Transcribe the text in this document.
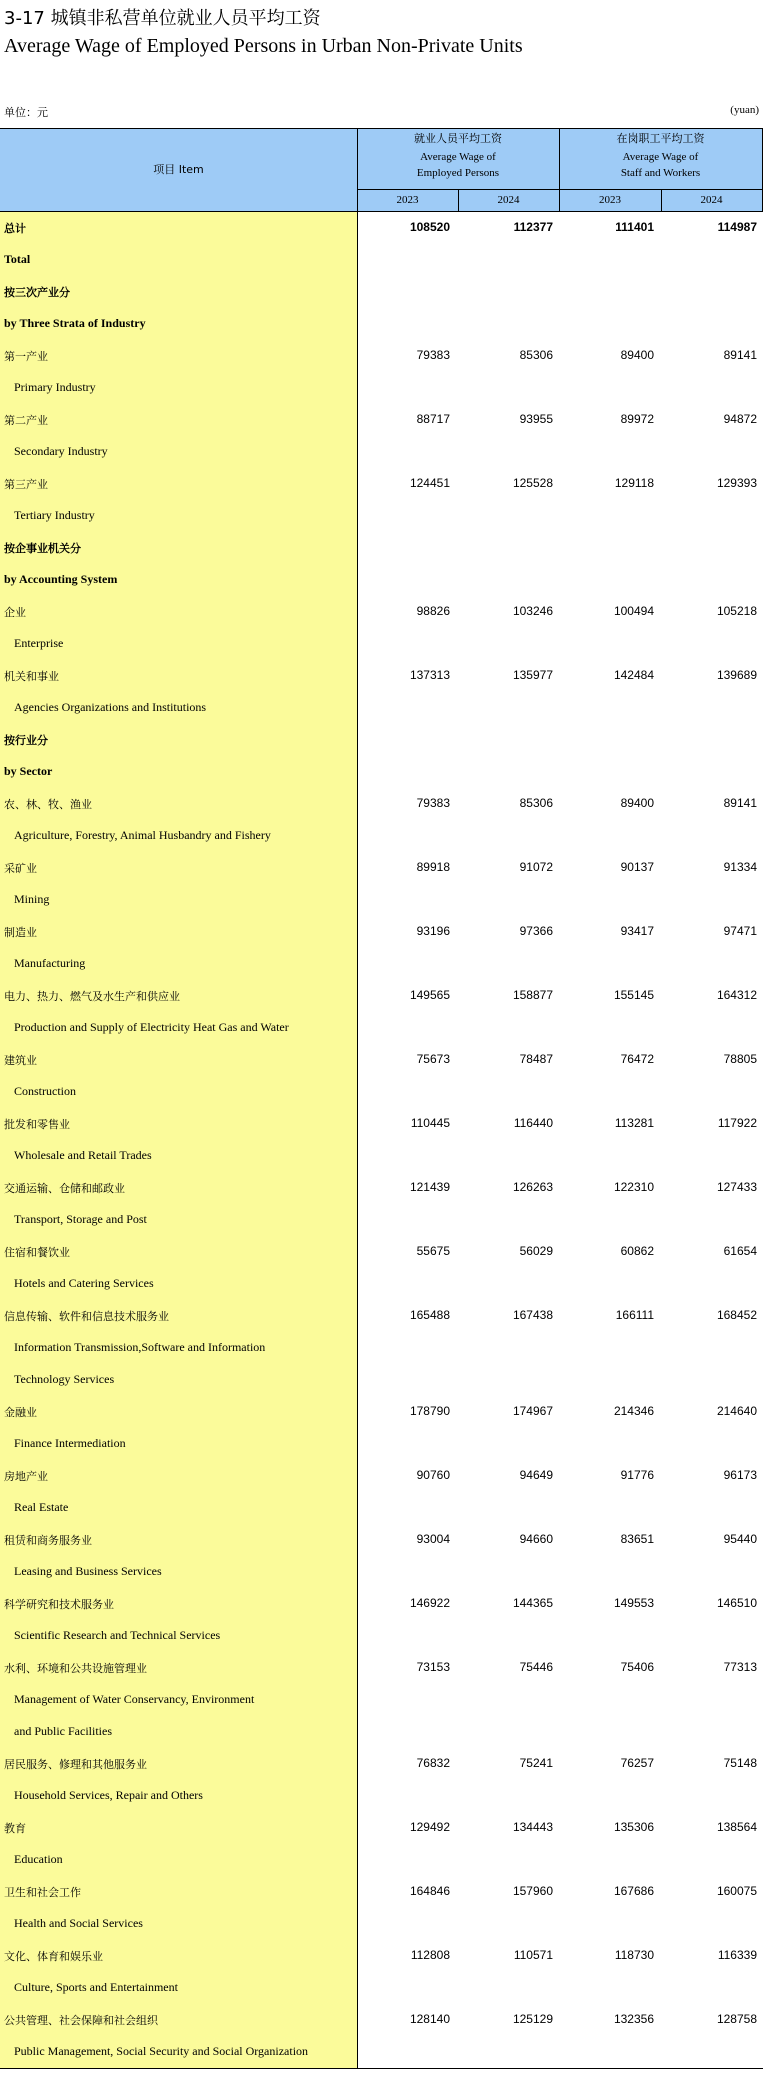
3-17 城镇非私营单位就业人员平均工资
Average Wage of Employed Persons in Urban Non-Private Units
单位：元	(yuan)
项目 Item
就业人员平均工资
Average Wage of
Employed Persons
在岗职工平均工资
Average Wage of
Staff and Workers
2023	2024	2023	2024
总计	108520	112377	111401	114987
Total
按三次产业分
by Three Strata of Industry
第一产业	79383	85306	89400	89141
Primary Industry
第二产业	88717	93955	89972	94872
Secondary Industry
第三产业	124451	125528	129118	129393
Tertiary Industry
按企事业机关分
by Accounting System
企业	98826	103246	100494	105218
Enterprise
机关和事业	137313	135977	142484	139689
Agencies Organizations and Institutions
按行业分
by Sector
农、林、牧、渔业	79383	85306	89400	89141
Agriculture, Forestry, Animal Husbandry and Fishery
采矿业	89918	91072	90137	91334
Mining
制造业	93196	97366	93417	97471
Manufacturing
电力、热力、燃气及水生产和供应业	149565	158877	155145	164312
Production and Supply of Electricity Heat Gas and Water
建筑业	75673	78487	76472	78805
Construction
批发和零售业	110445	116440	113281	117922
Wholesale and Retail Trades
交通运输、仓储和邮政业	121439	126263	122310	127433
Transport, Storage and Post
住宿和餐饮业	55675	56029	60862	61654
Hotels and Catering Services
信息传输、软件和信息技术服务业	165488	167438	166111	168452
Information Transmission,Software and Information
Technology Services
金融业	178790	174967	214346	214640
Finance Intermediation
房地产业	90760	94649	91776	96173
Real Estate
租赁和商务服务业	93004	94660	83651	95440
Leasing and Business Services
科学研究和技术服务业	146922	144365	149553	146510
Scientific Research and Technical Services
水利、环境和公共设施管理业	73153	75446	75406	77313
Management of Water Conservancy, Environment
and Public Facilities
居民服务、修理和其他服务业	76832	75241	76257	75148
Household Services, Repair and Others
教育	129492	134443	135306	138564
Education
卫生和社会工作	164846	157960	167686	160075
Health and Social Services
文化、体育和娱乐业	112808	110571	118730	116339
Culture, Sports and Entertainment
公共管理、社会保障和社会组织	128140	125129	132356	128758
Public Management, Social Security and Social Organization
